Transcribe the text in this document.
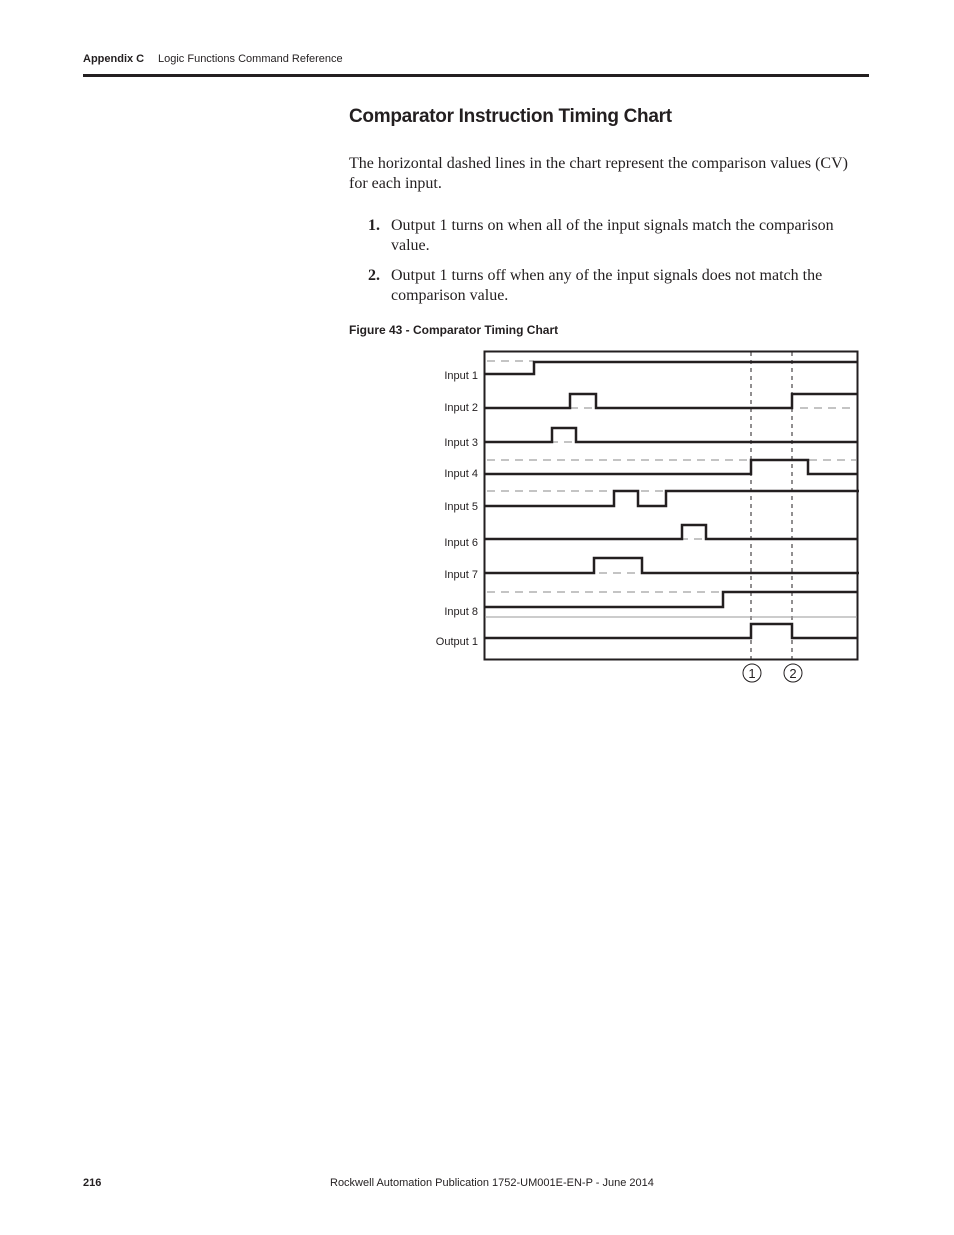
Appendix C Logic Functions Command Reference
Comparator Instruction Timing Chart

The horizontal dashed lines in the chart represent the comparison values (CV) for each input.

1. Output 1 turns on when all of the input signals match the comparison value.

2. Output 1 turns off when any of the input signals does not match the comparison value.

Figure 43 - Comparator Timing Chart

Input 1
Input 2
Input 3
Input 4
Input 5
Input 6
Input 7
Input 8
Output 1
1	2
216	Rockwell Automation Publication 1752-UM001E-EN-P - June 2014
